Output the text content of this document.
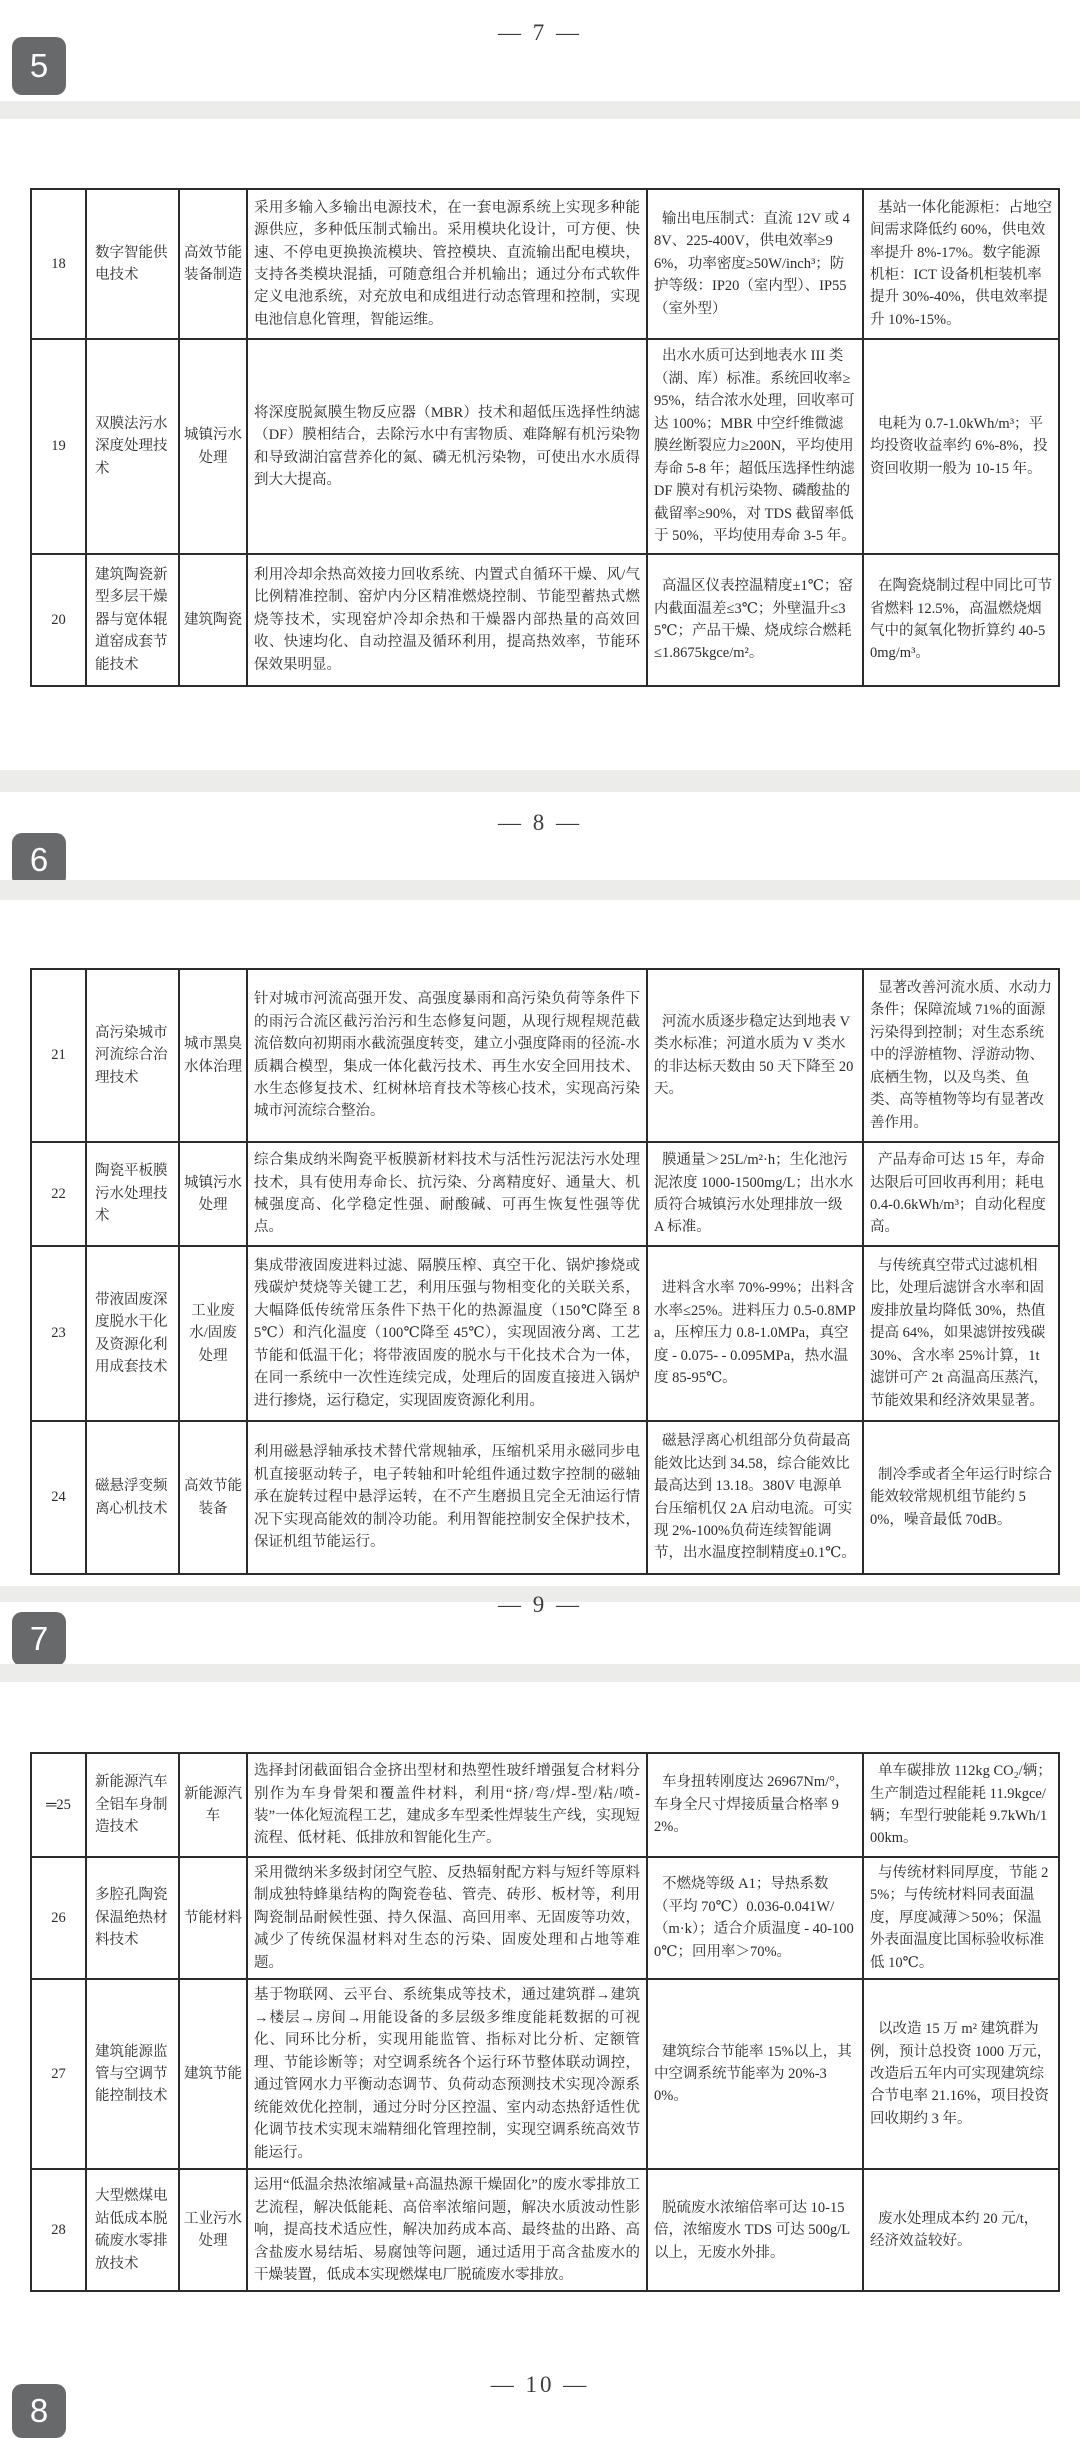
— 7 —
5
18	数字智能供电技术	高效节能装备制造	采用多输入多输出电源技术，在一套电源系统上实现多种能源供应，多种低压制式输出。采用模块化设计，可方便、快速、不停电更换换流模块、管控模块、直流输出配电模块，支持各类模块混插，可随意组合并机输出；通过分布式软件定义电池系统，对充放电和成组进行动态管理和控制，实现电池信息化管理，智能运维。	输出电压制式：直流 12V 或 48V、225-400V，供电效率≥96%，功率密度≥50W/inch³；防护等级：IP20（室内型）、IP55（室外型）	基站一体化能源柜：占地空间需求降低约 60%，供电效率提升 8%-17%。数字能源机柜：ICT 设备机柜装机率提升 30%-40%，供电效率提升 10%-15%。
19	双膜法污水深度处理技术	城镇污水处理	将深度脱氮膜生物反应器（MBR）技术和超低压选择性纳滤（DF）膜相结合，去除污水中有害物质、难降解有机污染物和导致湖泊富营养化的氮、磷无机污染物，可使出水水质得到大大提高。	出水水质可达到地表水 III 类（湖、库）标准。系统回收率≥95%，结合浓水处理，回收率可达 100%；MBR 中空纤维微滤膜丝断裂应力≥200N，平均使用寿命 5-8 年；超低压选择性纳滤 DF 膜对有机污染物、磷酸盐的截留率≥90%，对 TDS 截留率低于 50%，平均使用寿命 3-5 年。	电耗为 0.7-1.0kWh/m³；平均投资收益率约 6%-8%，投资回收期一般为 10-15 年。
20	建筑陶瓷新型多层干燥器与宽体辊道窑成套节能技术	建筑陶瓷	利用冷却余热高效接力回收系统、内置式自循环干燥、风/气比例精准控制、窑炉内分区精准燃烧控制、节能型蓄热式燃烧等技术，实现窑炉冷却余热和干燥器内部热量的高效回收、快速均化、自动控温及循环利用，提高热效率，节能环保效果明显。	高温区仪表控温精度±1℃；窑内截面温差≤3℃；外壁温升≤35℃；产品干燥、烧成综合燃耗≤1.8675kgce/m²。	在陶瓷烧制过程中同比可节省燃料 12.5%，高温燃烧烟气中的氮氧化物折算约 40-50mg/m³。
— 8 —
6
21	高污染城市河流综合治理技术	城市黑臭水体治理	针对城市河流高强开发、高强度暴雨和高污染负荷等条件下的雨污合流区截污治污和生态修复问题，从现行规程规范截流倍数向初期雨水截流强度转变，建立小强度降雨的径流-水质耦合模型，集成一体化截污技术、再生水安全回用技术、水生态修复技术、红树林培育技术等核心技术，实现高污染城市河流综合整治。	河流水质逐步稳定达到地表 V 类水标准；河道水质为 V 类水的非达标天数由 50 天下降至 20 天。	显著改善河流水质、水动力条件；保障流域 71%的面源污染得到控制；对生态系统中的浮游植物、浮游动物、底栖生物，以及鸟类、鱼类、高等植物等均有显著改善作用。
22	陶瓷平板膜污水处理技术	城镇污水处理	综合集成纳米陶瓷平板膜新材料技术与活性污泥法污水处理技术，具有使用寿命长、抗污染、分离精度好、通量大、机械强度高、化学稳定性强、耐酸碱、可再生恢复性强等优点。	膜通量＞25L/m²·h；生化池污泥浓度 1000-1500mg/L；出水水质符合城镇污水处理排放一级 A 标准。	产品寿命可达 15 年，寿命达限后可回收再利用；耗电 0.4-0.6kWh/m³；自动化程度高。
23	带液固废深度脱水干化及资源化利用成套技术	工业废水/固废处理	集成带液固废进料过滤、隔膜压榨、真空干化、锅炉掺烧或残碳炉焚烧等关键工艺，利用压强与物相变化的关联关系，大幅降低传统常压条件下热干化的热源温度（150℃降至 85℃）和汽化温度（100℃降至 45℃），实现固液分离、工艺节能和低温干化；将带液固废的脱水与干化技术合为一体，在同一系统中一次性连续完成，处理后的固废直接进入锅炉进行掺烧，运行稳定，实现固废资源化利用。	进料含水率 70%-99%；出料含水率≤25%。进料压力 0.5-0.8MPa，压榨压力 0.8-1.0MPa，真空度 - 0.075- - 0.095MPa，热水温度 85-95℃。	与传统真空带式过滤机相比，处理后滤饼含水率和固废排放量均降低 30%，热值提高 64%，如果滤饼按残碳 30%、含水率 25%计算，1t 滤饼可产 2t 高温高压蒸汽，节能效果和经济效果显著。
24	磁悬浮变频离心机技术	高效节能装备	利用磁悬浮轴承技术替代常规轴承，压缩机采用永磁同步电机直接驱动转子，电子转轴和叶轮组件通过数字控制的磁轴承在旋转过程中悬浮运转，在不产生磨损且完全无油运行情况下实现高能效的制冷功能。利用智能控制安全保护技术，保证机组节能运行。	磁悬浮离心机组部分负荷最高能效比达到 34.58，综合能效比最高达到 13.18。380V 电源单台压缩机仅 2A 启动电流。可实现 2%-100%负荷连续智能调节，出水温度控制精度±0.1℃。	制冷季或者全年运行时综合能效较常规机组节能约 50%，噪音最低 70dB。
— 9 —
7
═25	新能源汽车全铝车身制造技术	新能源汽车	选择封闭截面铝合金挤出型材和热塑性玻纤增强复合材料分别作为车身骨架和覆盖件材料，利用“挤/弯/焊-型/粘/喷-装”一体化短流程工艺，建成多车型柔性焊装生产线，实现短流程、低材耗、低排放和智能化生产。	车身扭转刚度达 26967Nm/°，车身全尺寸焊接质量合格率 92%。	单车碳排放 112kg CO₂/辆；生产制造过程能耗 11.9kgce/辆；车型行驶能耗 9.7kWh/100km。
26	多腔孔陶瓷保温绝热材料技术	节能材料	采用微纳米多级封闭空气腔、反热辐射配方料与短纤等原料制成独特蜂巢结构的陶瓷卷毡、管壳、砖形、板材等，利用陶瓷制品耐候性强、持久保温、高回用率、无固废等功效，减少了传统保温材料对生态的污染、固废处理和占地等难题。	不燃烧等级 A1；导热系数（平均 70℃）0.036-0.041W/（m·k）；适合介质温度 - 40-1000℃；回用率＞70%。	与传统材料同厚度，节能 25%；与传统材料同表面温度，厚度减薄＞50%；保温外表面温度比国标验收标准低 10℃。
27	建筑能源监管与空调节能控制技术	建筑节能	基于物联网、云平台、系统集成等技术，通过建筑群→建筑→楼层→房间→用能设备的多层级多维度能耗数据的可视化、同环比分析，实现用能监管、指标对比分析、定额管理、节能诊断等；对空调系统各个运行环节整体联动调控，通过管网水力平衡动态调节、负荷动态预测技术实现冷源系统能效优化控制，通过分时分区控温、室内动态热舒适性优化调节技术实现末端精细化管理控制，实现空调系统高效节能运行。	建筑综合节能率 15%以上，其中空调系统节能率为 20%-30%。	以改造 15 万 m² 建筑群为例，预计总投资 1000 万元，改造后五年内可实现建筑综合节电率 21.16%，项目投资回收期约 3 年。
28	大型燃煤电站低成本脱硫废水零排放技术	工业污水处理	运用“低温余热浓缩减量+高温热源干燥固化”的废水零排放工艺流程，解决低能耗、高倍率浓缩问题，解决水质波动性影响，提高技术适应性，解决加药成本高、最终盐的出路、高含盐废水易结垢、易腐蚀等问题，通过适用于高含盐废水的干燥装置，低成本实现燃煤电厂脱硫废水零排放。	脱硫废水浓缩倍率可达 10-15 倍，浓缩废水 TDS 可达 500g/L 以上，无废水外排。	废水处理成本约 20 元/t，经济效益较好。
— 10 —
8
